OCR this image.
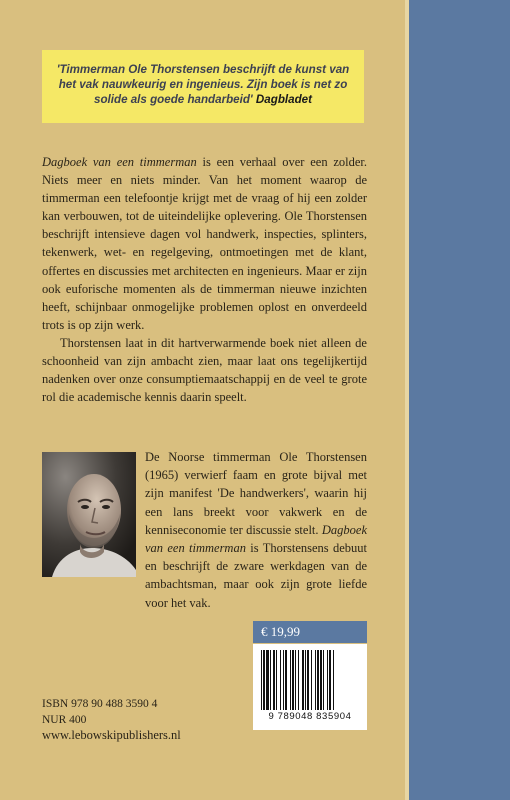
'Timmerman Ole Thorstensen beschrijft de kunst van het vak nauwkeurig en ingenieus. Zijn boek is net zo solide als goede handarbeid' Dagbladet

Dagboek van een timmerman is een verhaal over een zolder. Niets meer en niets minder. Van het moment waarop de timmerman een telefoontje krijgt met de vraag of hij een zolder kan verbouwen, tot de uiteindelijke oplevering. Ole Thorstensen beschrijft intensieve dagen vol handwerk, inspecties, splinters, tekenwerk, wet- en regelgeving, ontmoetingen met de klant, offertes en discussies met architecten en ingenieurs. Maar er zijn ook euforische momenten als de timmerman nieuwe inzichten heeft, schijnbaar onmogelijke problemen oplost en onverdeeld trots is op zijn werk.

Thorstensen laat in dit hartverwarmende boek niet alleen de schoonheid van zijn ambacht zien, maar laat ons tegelijkertijd nadenken over onze consumptiemaatschappij en de veel te grote rol die academische kennis daarin speelt.

De Noorse timmerman Ole Thorstensen (1965) verwierf faam en grote bijval met zijn manifest 'De handwerkers', waarin hij een lans breekt voor vakwerk en de kenniseconomie ter discussie stelt. Dagboek van een timmerman is Thorstensens debuut en beschrijft de zware werkdagen van de ambachtsman, maar ook zijn grote liefde voor het vak.

€ 19,99
9 789048 835904
ISBN 978 90 488 3590 4
NUR 400
www.lebowskipublishers.nl
